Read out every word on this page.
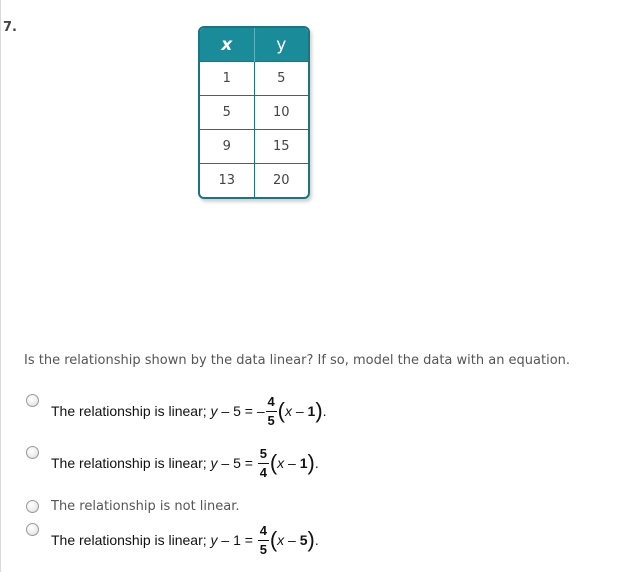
7.
x	y
1	5
5	10
9	15
13	20
Is the relationship shown by the data linear? If so, model the data with an equation.
The relationship is linear; y – 5 = – $\frac{4}{5}$ ( x – 1 ) .
The relationship is linear; $y - 5 = \frac{5}{4}$ ( x – 1 ) .
The relationship is not linear.
The relationship is linear; $y - 1 = \frac{4}{5}$ ( x – 5 ) .
